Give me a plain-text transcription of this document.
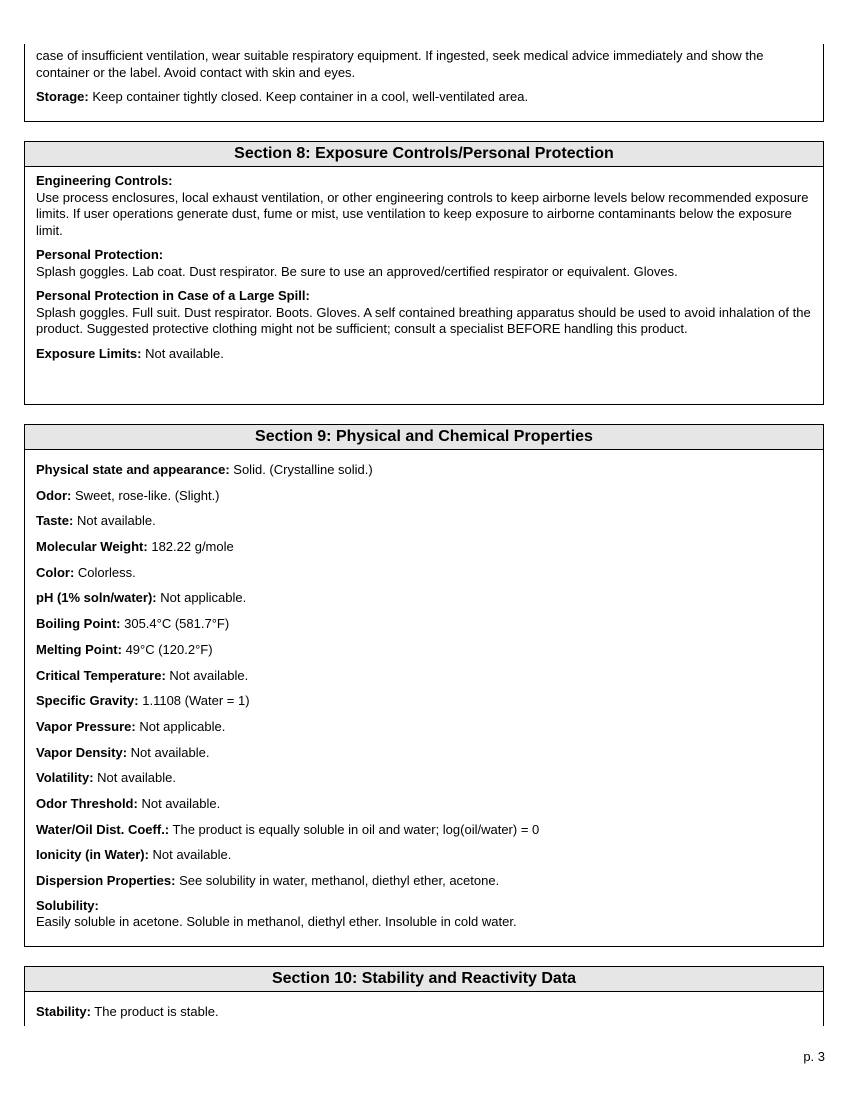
case of insufficient ventilation, wear suitable respiratory equipment. If ingested, seek medical advice immediately and show the container or the label. Avoid contact with skin and eyes.

Storage: Keep container tightly closed. Keep container in a cool, well-ventilated area.

Section 8: Exposure Controls/Personal Protection

Engineering Controls:
Use process enclosures, local exhaust ventilation, or other engineering controls to keep airborne levels below recommended exposure limits. If user operations generate dust, fume or mist, use ventilation to keep exposure to airborne contaminants below the exposure limit.

Personal Protection:
Splash goggles. Lab coat. Dust respirator. Be sure to use an approved/certified respirator or equivalent. Gloves.

Personal Protection in Case of a Large Spill:
Splash goggles. Full suit. Dust respirator. Boots. Gloves. A self contained breathing apparatus should be used to avoid inhalation of the product. Suggested protective clothing might not be sufficient; consult a specialist BEFORE handling this product.

Exposure Limits: Not available.

Section 9: Physical and Chemical Properties

Physical state and appearance: Solid. (Crystalline solid.)

Odor: Sweet, rose-like. (Slight.)

Taste: Not available.

Molecular Weight: 182.22 g/mole

Color: Colorless.

pH (1% soln/water): Not applicable.

Boiling Point: 305.4°C (581.7°F)

Melting Point: 49°C (120.2°F)

Critical Temperature: Not available.

Specific Gravity: 1.1108 (Water = 1)

Vapor Pressure: Not applicable.

Vapor Density: Not available.

Volatility: Not available.

Odor Threshold: Not available.

Water/Oil Dist. Coeff.: The product is equally soluble in oil and water; log(oil/water) = 0

Ionicity (in Water): Not available.

Dispersion Properties: See solubility in water, methanol, diethyl ether, acetone.

Solubility:
Easily soluble in acetone. Soluble in methanol, diethyl ether. Insoluble in cold water.

Section 10: Stability and Reactivity Data

Stability: The product is stable.

p. 3
